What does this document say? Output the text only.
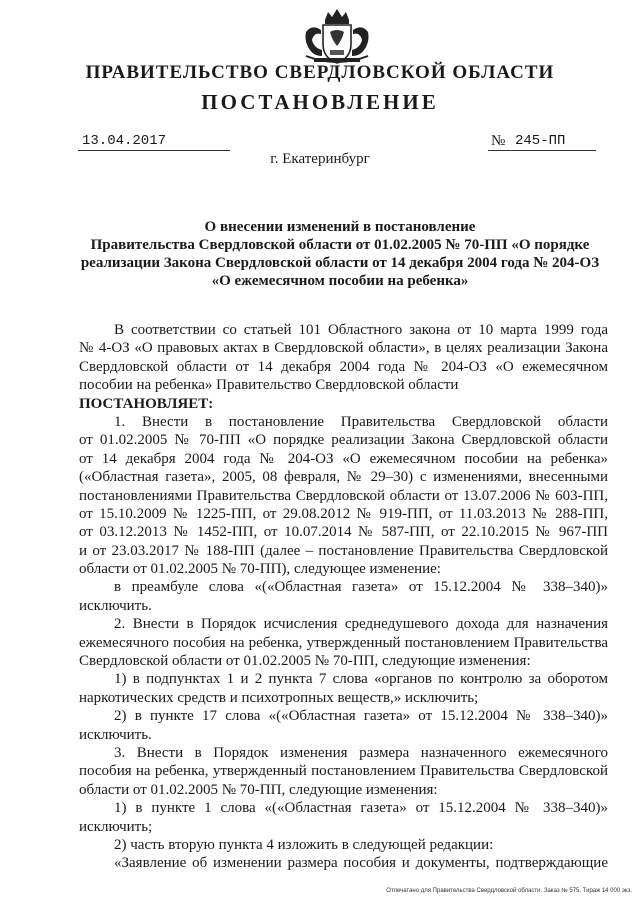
ПРАВИТЕЛЬСТВО СВЕРДЛОВСКОЙ ОБЛАСТИ
ПОСТАНОВЛЕНИЕ
13.04.2017	№ 245-ПП
г. Екатеринбург
О внесении изменений в постановление
Правительства Свердловской области от 01.02.2005 № 70-ПП «О порядке
реализации Закона Свердловской области от 14 декабря 2004 года № 204-ОЗ
«О ежемесячном пособии на ребенка»
В соответствии со статьей 101 Областного закона от 10 марта 1999 года
№ 4-ОЗ «О правовых актах в Свердловской области», в целях реализации Закона
Свердловской области от 14 декабря 2004 года № 204-ОЗ «О ежемесячном
пособии на ребенка» Правительство Свердловской области
ПОСТАНОВЛЯЕТ:
1. Внести в постановление Правительства Свердловской области
от 01.02.2005 № 70-ПП «О порядке реализации Закона Свердловской области
от 14 декабря 2004 года № 204-ОЗ «О ежемесячном пособии на ребенка»
(«Областная газета», 2005, 08 февраля, № 29–30) с изменениями, внесенными
постановлениями Правительства Свердловской области от 13.07.2006 № 603-ПП,
от 15.10.2009 № 1225-ПП, от 29.08.2012 № 919-ПП, от 11.03.2013 № 288-ПП,
от 03.12.2013 № 1452-ПП, от 10.07.2014 № 587-ПП, от 22.10.2015 № 967-ПП
и от 23.03.2017 № 188-ПП (далее – постановление Правительства Свердловской
области от 01.02.2005 № 70-ПП), следующее изменение:
в преамбуле слова «(«Областная газета» от 15.12.2004 № 338–340)»
исключить.
2. Внести в Порядок исчисления среднедушевого дохода для назначения
ежемесячного пособия на ребенка, утвержденный постановлением Правительства
Свердловской области от 01.02.2005 № 70-ПП, следующие изменения:
1) в подпунктах 1 и 2 пункта 7 слова «органов по контролю за оборотом
наркотических средств и психотропных веществ,» исключить;
2) в пункте 17 слова «(«Областная газета» от 15.12.2004 № 338–340)»
исключить.
3. Внести в Порядок изменения размера назначенного ежемесячного
пособия на ребенка, утвержденный постановлением Правительства Свердловской
области от 01.02.2005 № 70-ПП, следующие изменения:
1) в пункте 1 слова «(«Областная газета» от 15.12.2004 № 338–340)»
исключить;
2) часть вторую пункта 4 изложить в следующей редакции:
«Заявление об изменении размера пособия и документы, подтверждающие
Отпечатано для Правительства Свердловской области. Заказ № 575. Тираж 14 000 экз.
